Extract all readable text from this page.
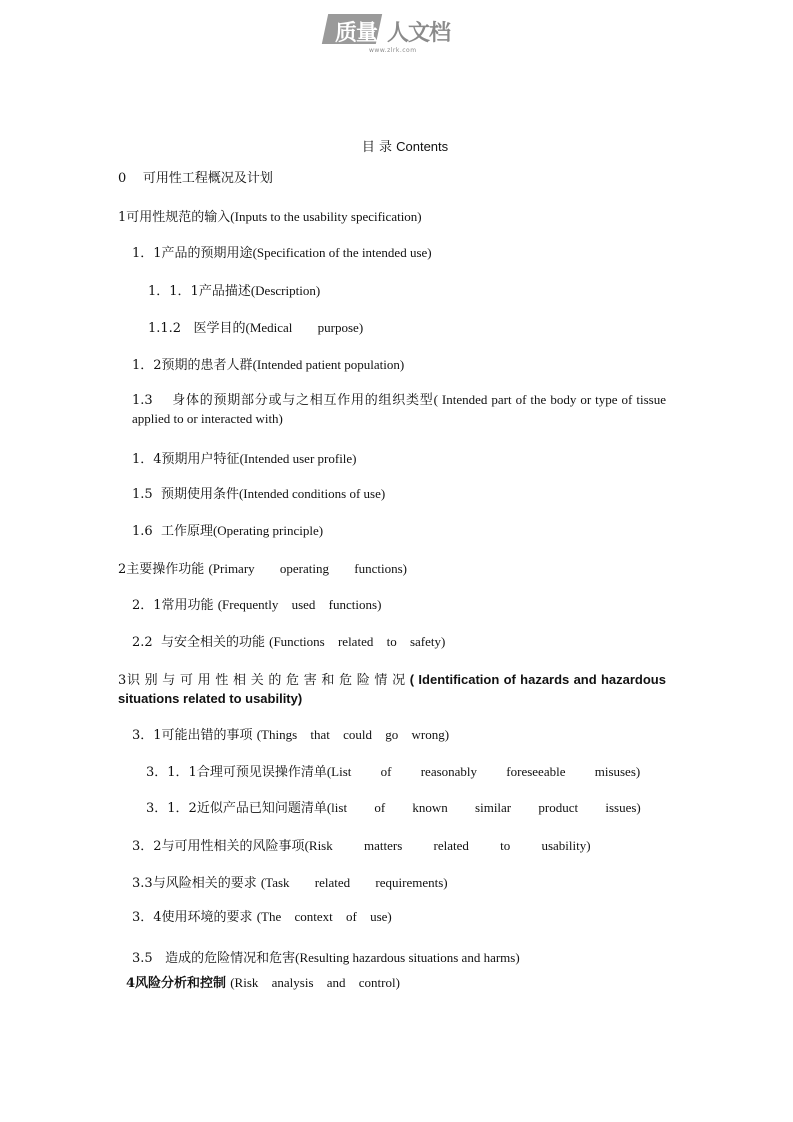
质量 人文档
www.zlrk.com
目 录 Contents
0 可用性工程概况及计划
1可用性规范的输入(Inputs to the usability specification)
1．1产品的预期用途(Specification of the intended use)
1．1．1产品描述(Description)
1.1.2 医学目的(Medical purpose)
1．2预期的患者人群(Intended patient population)
1.3 身体的预期部分或与之相互作用的组织类型( Intended part of the body or type of tissue applied to or interacted with)
1．4预期用户特征(Intended user profile)
1.5 预期使用条件(Intended conditions of use)
1.6 工作原理(Operating principle)
2主要操作功能 (Primary operating functions)
2．1常用功能 (Frequently used functions)
2.2 与安全相关的功能 (Functions related to safety)
3识别与可用性相关的危害和危险情况( Identification of hazards and hazardous situations related to usability)
3．1可能出错的事项 (Things that could go wrong)
3．1．1合理可预见误操作清单(List of reasonably foreseeable misuses)
3．1．2近似产品已知问题清单(list of known similar product issues)
3．2与可用性相关的风险事项(Risk matters related to usability)
3.3与风险相关的要求 (Task related requirements)
3．4使用环境的要求 (The context of use)
3.5 造成的危险情况和危害(Resulting hazardous situations and harms)
4风险分析和控制 (Risk analysis and control)
